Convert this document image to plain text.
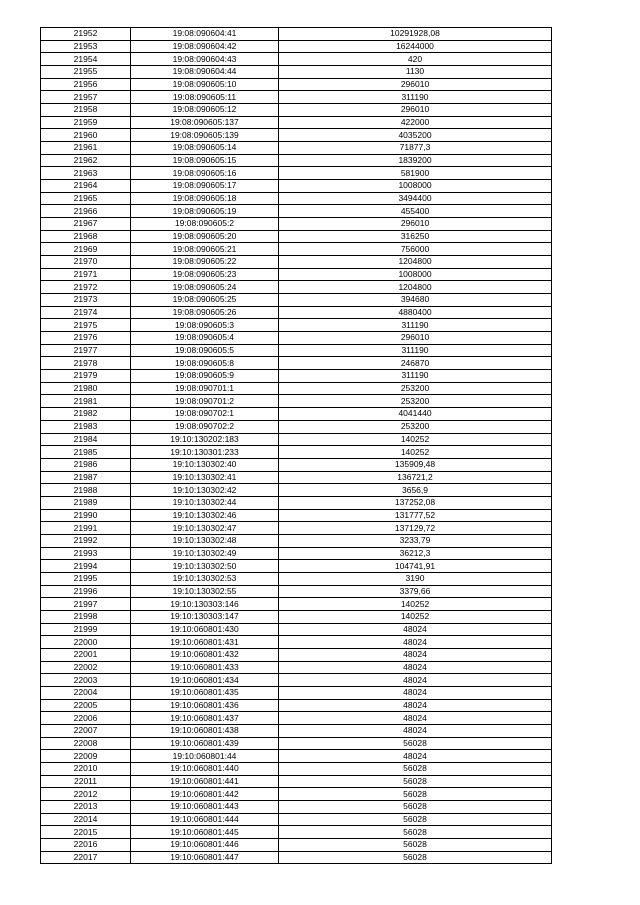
21952	19:08:090604:41	10291928,08
21953	19:08:090604:42	16244000
21954	19:08:090604:43	420
21955	19:08:090604:44	1130
21956	19:08:090605:10	296010
21957	19:08:090605:11	311190
21958	19:08:090605:12	296010
21959	19:08:090605:137	422000
21960	19:08:090605:139	4035200
21961	19:08:090605:14	71877,3
21962	19:08:090605:15	1839200
21963	19:08:090605:16	581900
21964	19:08:090605:17	1008000
21965	19:08:090605:18	3494400
21966	19:08:090605:19	455400
21967	19:08:090605:2	296010
21968	19:08:090605:20	316250
21969	19:08:090605:21	756000
21970	19:08:090605:22	1204800
21971	19:08:090605:23	1008000
21972	19:08:090605:24	1204800
21973	19:08:090605:25	394680
21974	19:08:090605:26	4880400
21975	19:08:090605:3	311190
21976	19:08:090605:4	296010
21977	19:08:090605:5	311190
21978	19:08:090605:8	246870
21979	19:08:090605:9	311190
21980	19:08:090701:1	253200
21981	19:08:090701:2	253200
21982	19:08:090702:1	4041440
21983	19:08:090702:2	253200
21984	19:10:130202:183	140252
21985	19:10:130301:233	140252
21986	19:10:130302:40	135909,48
21987	19:10:130302:41	136721,2
21988	19:10:130302:42	3656,9
21989	19:10:130302:44	137252,08
21990	19:10:130302:46	131777,52
21991	19:10:130302:47	137129,72
21992	19:10:130302:48	3233,79
21993	19:10:130302:49	36212,3
21994	19:10:130302:50	104741,91
21995	19:10:130302:53	3190
21996	19:10:130302:55	3379,66
21997	19:10:130303:146	140252
21998	19:10:130303:147	140252
21999	19:10:060801:430	48024
22000	19:10:060801:431	48024
22001	19:10:060801:432	48024
22002	19:10:060801:433	48024
22003	19:10:060801:434	48024
22004	19:10:060801:435	48024
22005	19:10:060801:436	48024
22006	19:10:060801:437	48024
22007	19:10:060801:438	48024
22008	19:10:060801:439	56028
22009	19:10:060801:44	48024
22010	19:10:060801:440	56028
22011	19:10:060801:441	56028
22012	19:10:060801:442	56028
22013	19:10:060801:443	56028
22014	19:10:060801:444	56028
22015	19:10:060801:445	56028
22016	19:10:060801:446	56028
22017	19:10:060801:447	56028
